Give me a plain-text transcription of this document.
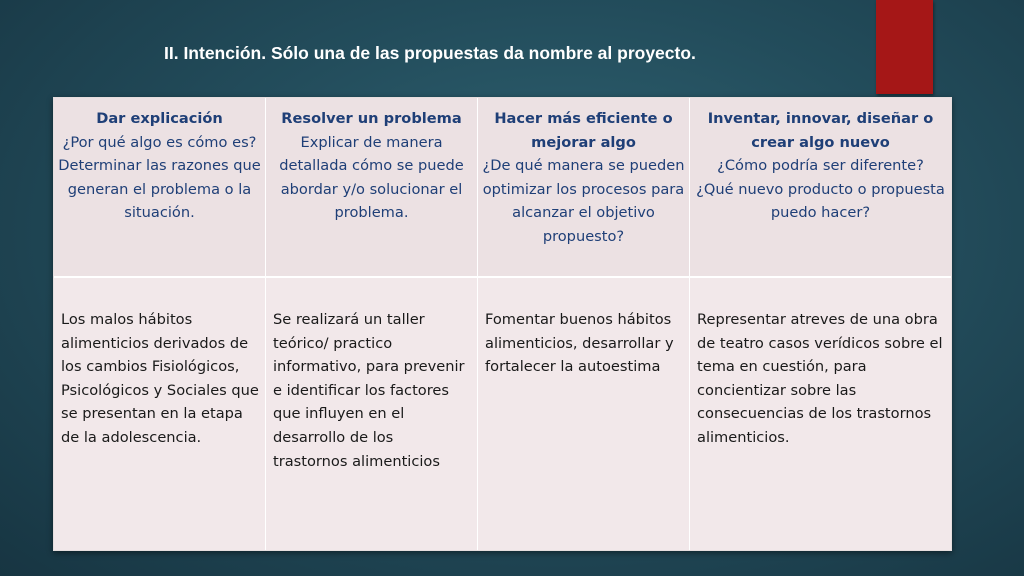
II. Intención. Sólo una de las propuestas da nombre al proyecto.
Dar explicación
¿Por qué algo es cómo es?
Determinar las razones que generan el problema o la situación.
Resolver un problema
Explicar de manera detallada cómo se puede abordar y/o solucionar el problema.
Hacer más eficiente o mejorar algo
¿De qué manera se pueden optimizar los procesos para alcanzar el objetivo propuesto?
Inventar, innovar, diseñar o crear algo nuevo
¿Cómo podría ser diferente?
¿Qué nuevo producto o propuesta puedo hacer?
Los malos hábitos alimenticios derivados de los cambios Fisiológicos, Psicológicos y Sociales que se presentan en la etapa de la adolescencia.
Se realizará un taller teórico/ practico informativo, para prevenir e identificar los factores que influyen en el desarrollo de los trastornos alimenticios
Fomentar buenos hábitos alimenticios, desarrollar y fortalecer la autoestima
Representar atreves de una obra de teatro casos verídicos sobre el tema en cuestión, para concientizar sobre las consecuencias de los trastornos alimenticios.
